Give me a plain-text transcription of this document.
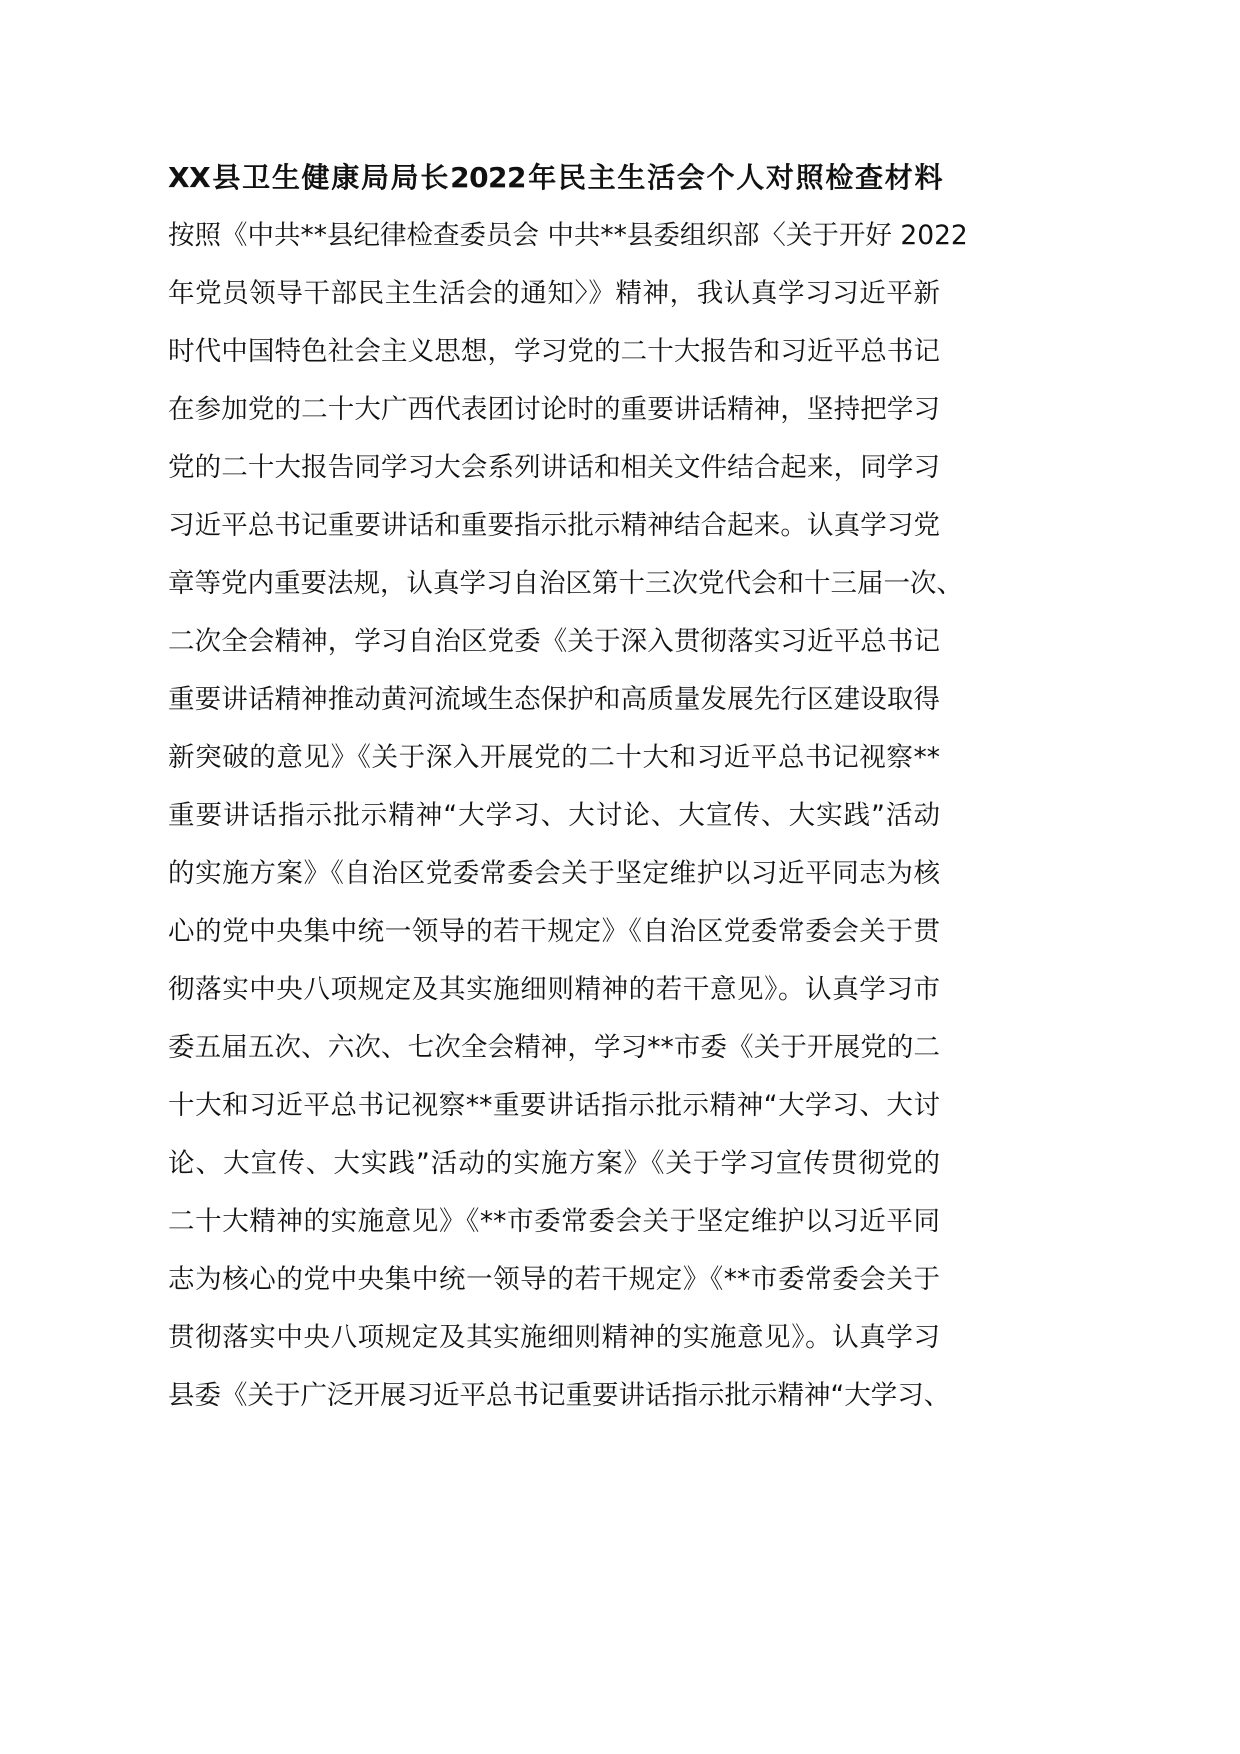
XX县卫生健康局局长2022年民主生活会个人对照检查材料
按照《中共**县纪律检查委员会 中共**县委组织部〈关于开好 2022
年党员领导干部民主生活会的通知〉》精神，我认真学习习近平新
时代中国特色社会主义思想，学习党的二十大报告和习近平总书记
在参加党的二十大广西代表团讨论时的重要讲话精神，坚持把学习
党的二十大报告同学习大会系列讲话和相关文件结合起来，同学习
习近平总书记重要讲话和重要指示批示精神结合起来。认真学习党
章等党内重要法规，认真学习自治区第十三次党代会和十三届一次、
二次全会精神，学习自治区党委《关于深入贯彻落实习近平总书记
重要讲话精神推动黄河流域生态保护和高质量发展先行区建设取得
新突破的意见》《关于深入开展党的二十大和习近平总书记视察**
重要讲话指示批示精神“大学习、大讨论、大宣传、大实践”活动
的实施方案》《自治区党委常委会关于坚定维护以习近平同志为核
心的党中央集中统一领导的若干规定》《自治区党委常委会关于贯
彻落实中央八项规定及其实施细则精神的若干意见》。认真学习市
委五届五次、六次、七次全会精神，学习**市委《关于开展党的二
十大和习近平总书记视察**重要讲话指示批示精神“大学习、大讨
论、大宣传、大实践”活动的实施方案》《关于学习宣传贯彻党的
二十大精神的实施意见》《**市委常委会关于坚定维护以习近平同
志为核心的党中央集中统一领导的若干规定》《**市委常委会关于
贯彻落实中央八项规定及其实施细则精神的实施意见》。认真学习
县委《关于广泛开展习近平总书记重要讲话指示批示精神“大学习、
